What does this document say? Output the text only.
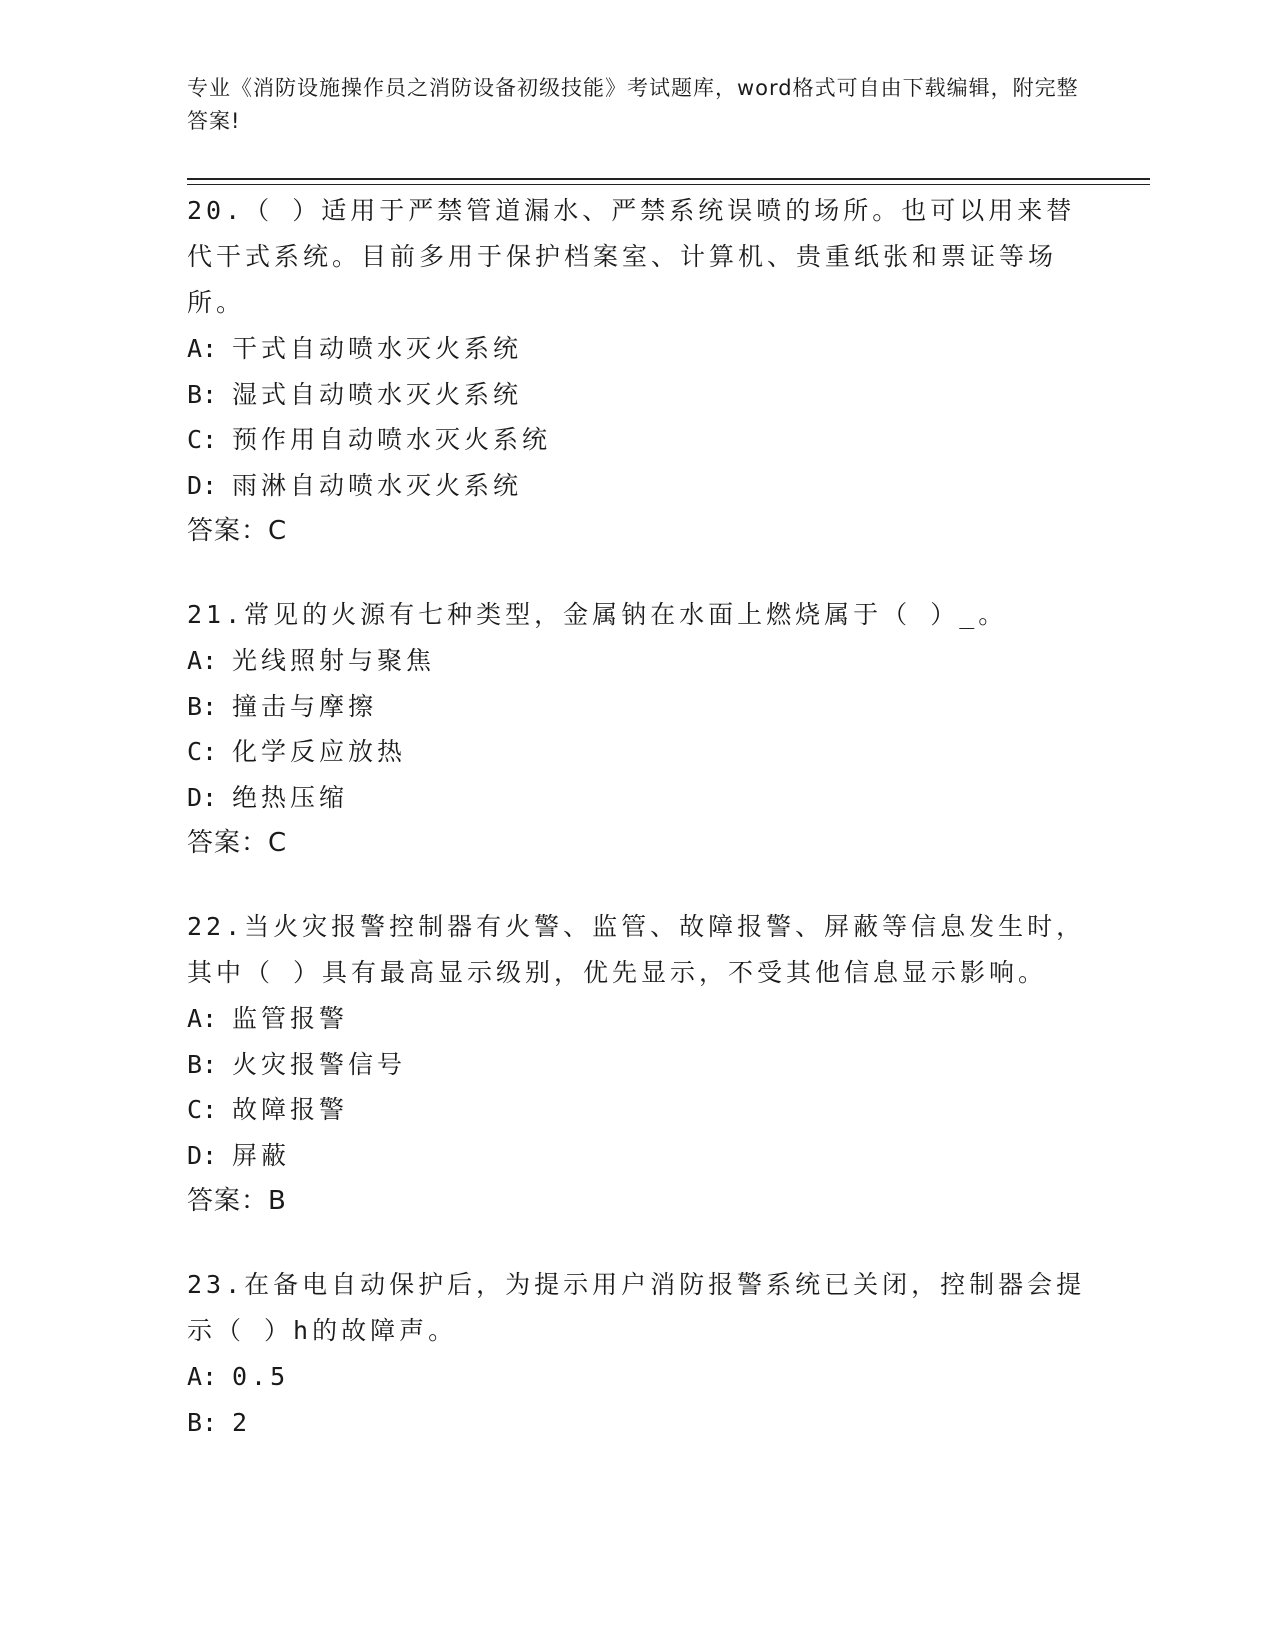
专业《消防设施操作员之消防设备初级技能》考试题库，word格式可自由下载编辑，附完整答案!

20.（ ）适用于严禁管道漏水、严禁系统误喷的场所。也可以用来替代干式系统。目前多用于保护档案室、计算机、贵重纸张和票证等场所。

A: 干式自动喷水灭火系统

B: 湿式自动喷水灭火系统

C: 预作用自动喷水灭火系统

D: 雨淋自动喷水灭火系统

答案：C

21.常见的火源有七种类型，金属钠在水面上燃烧属于（ ）_。

A: 光线照射与聚焦

B: 撞击与摩擦

C: 化学反应放热

D: 绝热压缩

答案：C

22.当火灾报警控制器有火警、监管、故障报警、屏蔽等信息发生时，其中（ ）具有最高显示级别，优先显示，不受其他信息显示影响。

A: 监管报警

B: 火灾报警信号

C: 故障报警

D: 屏蔽

答案：B

23.在备电自动保护后，为提示用户消防报警系统已关闭，控制器会提示（ ）h的故障声。

A: 0.5

B: 2
